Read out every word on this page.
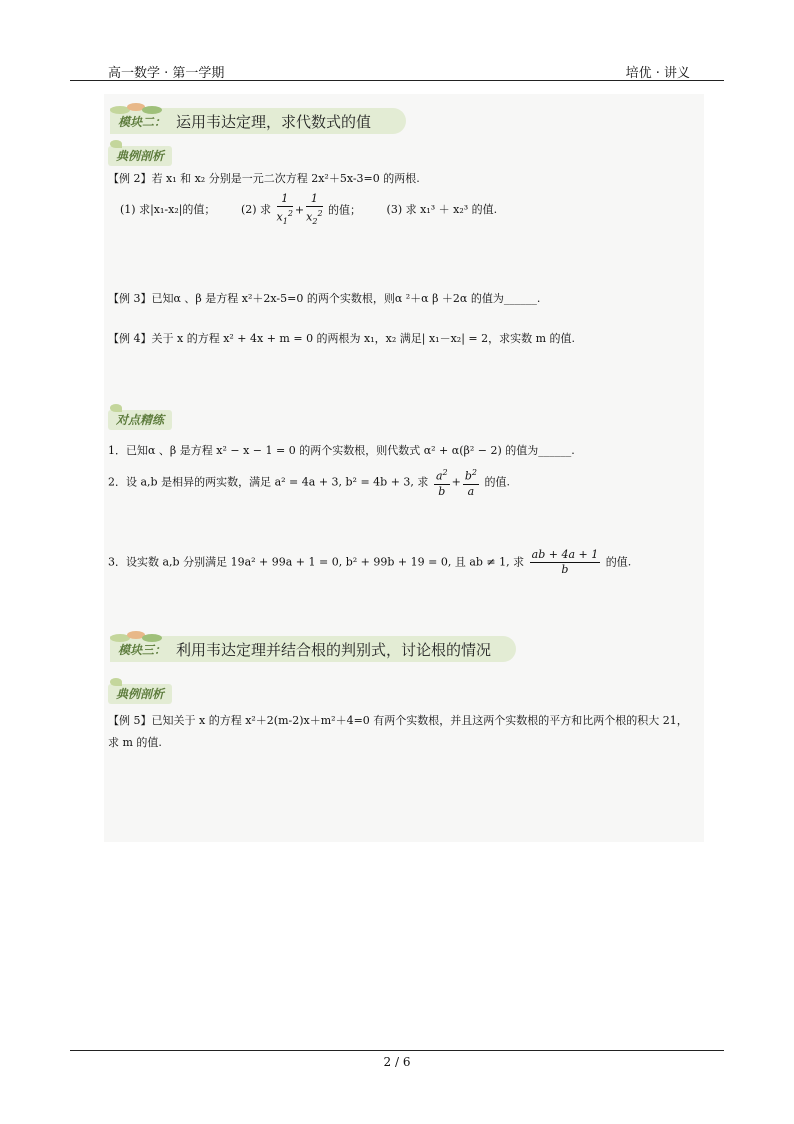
高一数学 · 第一学期	培优 · 讲义
模块二： 运用韦达定理，求代数式的值
典例剖析
【例 2】若 x₁ 和 x₂ 分别是一元二次方程 2x²＋5x-3=0 的两根.
(1) 求|x₁-x₂|的值； (2) 求 $\frac{1}{x_1^2} + \frac{1}{x_2^2}$ 的值； (3) 求 x₁³ ＋ x₂³ 的值.
【例 3】已知α 、β 是方程 x²＋2x-5=0 的两个实数根，则α ²＋α β ＋2α 的值为______.
【例 4】关于 x 的方程 x² + 4x + m = 0 的两根为 x₁，x₂ 满足| x₁－x₂| = 2，求实数 m 的值.
对点精练
1．已知α 、β 是方程 x² − x − 1 = 0 的两个实数根，则代数式 α² + α(β² − 2) 的值为______.
2．设 a,b 是相异的两实数，满足 a² = 4a + 3, b² = 4b + 3, 求 $\frac{a^2}{b} + \frac{b^2}{a}$ 的值.
3．设实数 a,b 分别满足 19a² + 99a + 1 = 0, b² + 99b + 19 = 0, 且 ab ≠ 1, 求 $\frac{ab + 4a + 1}{b}$ 的值.
模块三： 利用韦达定理并结合根的判别式，讨论根的情况
典例剖析
【例 5】已知关于 x 的方程 x²＋2(m-2)x＋m²＋4=0 有两个实数根，并且这两个实数根的平方和比两个根的积大 21，
求 m 的值.
2 / 6
